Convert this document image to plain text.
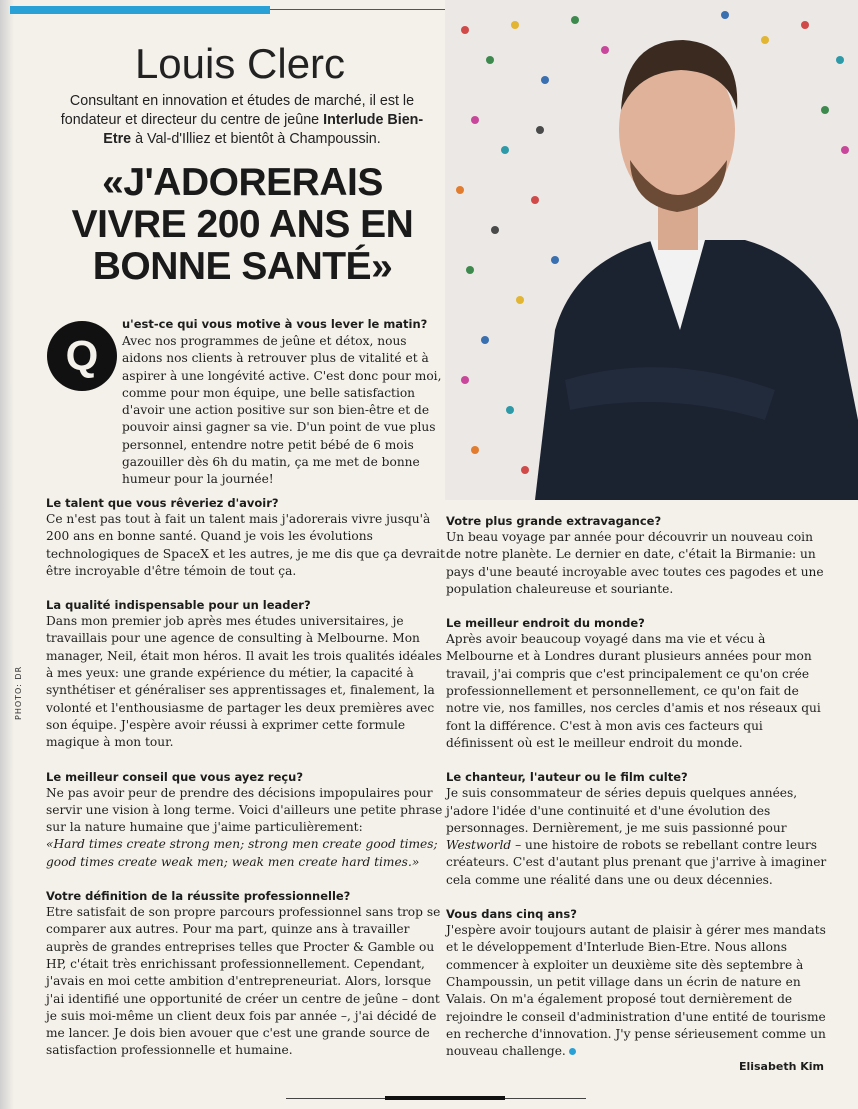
PHOTO: DR
Louis Clerc
Consultant en innovation et études de marché, il est le fondateur et directeur du centre de jeûne Interlude Bien-Etre à Val-d'Illiez et bientôt à Champoussin.
«J'ADORERAIS VIVRE 200 ANS EN BONNE SANTÉ»
Q
u'est-ce qui vous motive à vous lever le matin?
Avec nos programmes de jeûne et détox, nous aidons nos clients à retrouver plus de vitalité et à aspirer à une longévité active. C'est donc pour moi, comme pour mon équipe, une belle satisfaction d'avoir une action positive sur son bien-être et de pouvoir ainsi gagner sa vie. D'un point de vue plus personnel, entendre notre petit bébé de 6 mois gazouiller dès 6h du matin, ça me met de bonne humeur pour la journée!

Le talent que vous rêveriez d'avoir?

Ce n'est pas tout à fait un talent mais j'adorerais vivre jusqu'à 200 ans en bonne santé. Quand je vois les évolutions technologiques de SpaceX et les autres, je me dis que ça devrait être incroyable d'être témoin de tout ça.

La qualité indispensable pour un leader?

Dans mon premier job après mes études universitaires, je travaillais pour une agence de consulting à Melbourne. Mon manager, Neil, était mon héros. Il avait les trois qualités idéales à mes yeux: une grande expérience du métier, la capacité à synthétiser et généraliser ses apprentissages et, finalement, la volonté et l'enthousiasme de partager les deux premières avec son équipe. J'espère avoir réussi à exprimer cette formule magique à mon tour.

Le meilleur conseil que vous ayez reçu?

Ne pas avoir peur de prendre des décisions impopulaires pour servir une vision à long terme. Voici d'ailleurs une petite phrase sur la nature humaine que j'aime particulièrement:

«Hard times create strong men; strong men create good times; good times create weak men; weak men create hard times.»

Votre définition de la réussite professionnelle?

Etre satisfait de son propre parcours professionnel sans trop se comparer aux autres. Pour ma part, quinze ans à travailler auprès de grandes entreprises telles que Procter & Gamble ou HP, c'était très enrichissant professionnellement. Cependant, j'avais en moi cette ambition d'entrepreneuriat. Alors, lorsque j'ai identifié une opportunité de créer un centre de jeûne – dont je suis moi-même un client deux fois par année –, j'ai décidé de me lancer. Je dois bien avouer que c'est une grande source de satisfaction professionnelle et humaine.

Votre plus grande extravagance?

Un beau voyage par année pour découvrir un nouveau coin de notre planète. Le dernier en date, c'était la Birmanie: un pays d'une beauté incroyable avec toutes ces pagodes et une population chaleureuse et souriante.

Le meilleur endroit du monde?

Après avoir beaucoup voyagé dans ma vie et vécu à Melbourne et à Londres durant plusieurs années pour mon travail, j'ai compris que c'est principalement ce qu'on crée professionnellement et personnellement, ce qu'on fait de notre vie, nos familles, nos cercles d'amis et nos réseaux qui font la différence. C'est à mon avis ces facteurs qui définissent où est le meilleur endroit du monde.

Le chanteur, l'auteur ou le film culte?

Je suis consommateur de séries depuis quelques années, j'adore l'idée d'une continuité et d'une évolution des personnages. Dernièrement, je me suis passionné pour Westworld – une histoire de robots se rebellant contre leurs créateurs. C'est d'autant plus prenant que j'arrive à imaginer cela comme une réalité dans une ou deux décennies.

Vous dans cinq ans?

J'espère avoir toujours autant de plaisir à gérer mes mandats et le développement d'Interlude Bien-Etre. Nous allons commencer à exploiter un deuxième site dès septembre à Champoussin, un petit village dans un écrin de nature en Valais. On m'a également proposé tout dernièrement de rejoindre le conseil d'administration d'une entité de tourisme en recherche d'innovation. J'y pense sérieusement comme un nouveau challenge.

Elisabeth Kim
